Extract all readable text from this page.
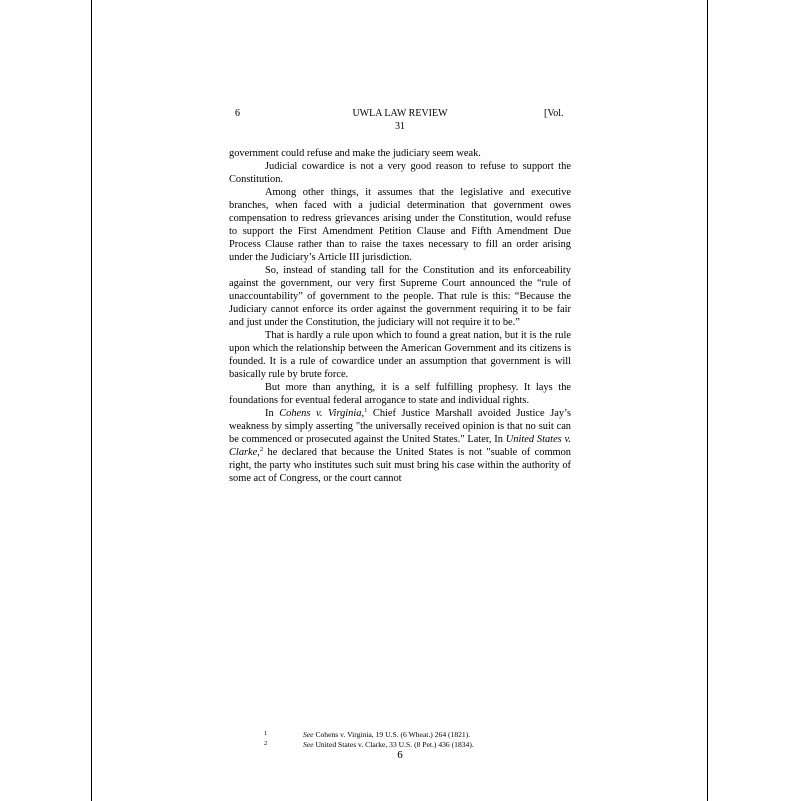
6	UWLA LAW REVIEW	[Vol.
31

government could refuse and make the judiciary seem weak.

Judicial cowardice is not a very good reason to refuse to support the Constitution.

Among other things, it assumes that the legislative and executive branches, when faced with a judicial determination that government owes compensation to redress grievances arising under the Constitution, would refuse to support the First Amendment Petition Clause and Fifth Amendment Due Process Clause rather than to raise the taxes necessary to fill an order arising under the Judiciary’s Article III jurisdiction.

So, instead of standing tall for the Constitution and its enforceability against the government, our very first Supreme Court announced the “rule of unaccountability” of government to the people. That rule is this: “Because the Judiciary cannot enforce its order against the government requiring it to be fair and just under the Constitution, the judiciary will not require it to be.”

That is hardly a rule upon which to found a great nation, but it is the rule upon which the relationship between the American Government and its citizens is founded. It is a rule of cowardice under an assumption that government is will basically rule by brute force.

But more than anything, it is a self fulfilling prophesy. It lays the foundations for eventual federal arrogance to state and individual rights.

In Cohens v. Virginia,$^1$ Chief Justice Marshall avoided Justice Jay’s weakness by simply asserting "the universally received opinion is that no suit can be commenced or prosecuted against the United States." Later, In United States v. Clarke,$^2$ he declared that because the United States is not "suable of common right, the party who institutes such suit must bring his case within the authority of some act of Congress, or the court cannot

1	See Cohens v. Virginia, 19 U.S. (6 Wheat.) 264 (1821).
2	See United States v. Clarke, 33 U.S. (8 Pet.) 436 (1834).
6
